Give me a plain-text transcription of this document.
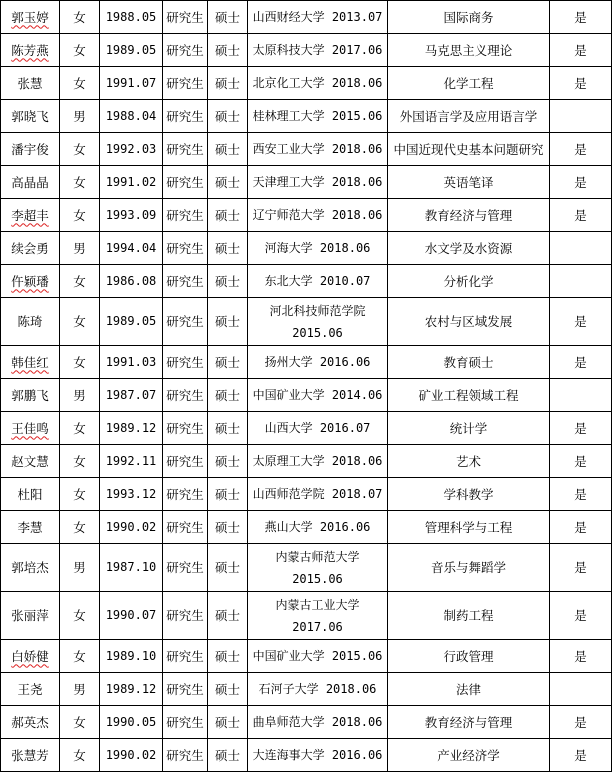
郭玉婷	女	1988.05	研究生	硕士	山西财经大学 2013.07	国际商务	是
陈芳燕	女	1989.05	研究生	硕士	太原科技大学 2017.06	马克思主义理论	是
张慧	女	1991.07	研究生	硕士	北京化工大学 2018.06	化学工程	是
郭晓飞	男	1988.04	研究生	硕士	桂林理工大学 2015.06	外国语言学及应用语言学	
潘宇俊	女	1992.03	研究生	硕士	西安工业大学 2018.06	中国近现代史基本问题研究	是
高晶晶	女	1991.02	研究生	硕士	天津理工大学 2018.06	英语笔译	是
李超丰	女	1993.09	研究生	硕士	辽宁师范大学 2018.06	教育经济与管理	是
续会勇	男	1994.04	研究生	硕士	河海大学 2018.06	水文学及水资源	
仵颖璠	女	1986.08	研究生	硕士	东北大学 2010.07	分析化学	
陈琦	女	1989.05	研究生	硕士	河北科技师范学院 2015.06	农村与区域发展	是
韩佳红	女	1991.03	研究生	硕士	扬州大学 2016.06	教育硕士	是
郭鹏飞	男	1987.07	研究生	硕士	中国矿业大学 2014.06	矿业工程领域工程	
王佳鸣	女	1989.12	研究生	硕士	山西大学 2016.07	统计学	是
赵文慧	女	1992.11	研究生	硕士	太原理工大学 2018.06	艺术	是
杜阳	女	1993.12	研究生	硕士	山西师范学院 2018.07	学科教学	是
李慧	女	1990.02	研究生	硕士	燕山大学 2016.06	管理科学与工程	是
郭培杰	男	1987.10	研究生	硕士	内蒙古师范大学 2015.06	音乐与舞蹈学	是
张丽萍	女	1990.07	研究生	硕士	内蒙古工业大学 2017.06	制药工程	是
白娇健	女	1989.10	研究生	硕士	中国矿业大学 2015.06	行政管理	是
王尧	男	1989.12	研究生	硕士	石河子大学 2018.06	法律	
郝英杰	女	1990.05	研究生	硕士	曲阜师范大学 2018.06	教育经济与管理	是
张慧芳	女	1990.02	研究生	硕士	大连海事大学 2016.06	产业经济学	是
